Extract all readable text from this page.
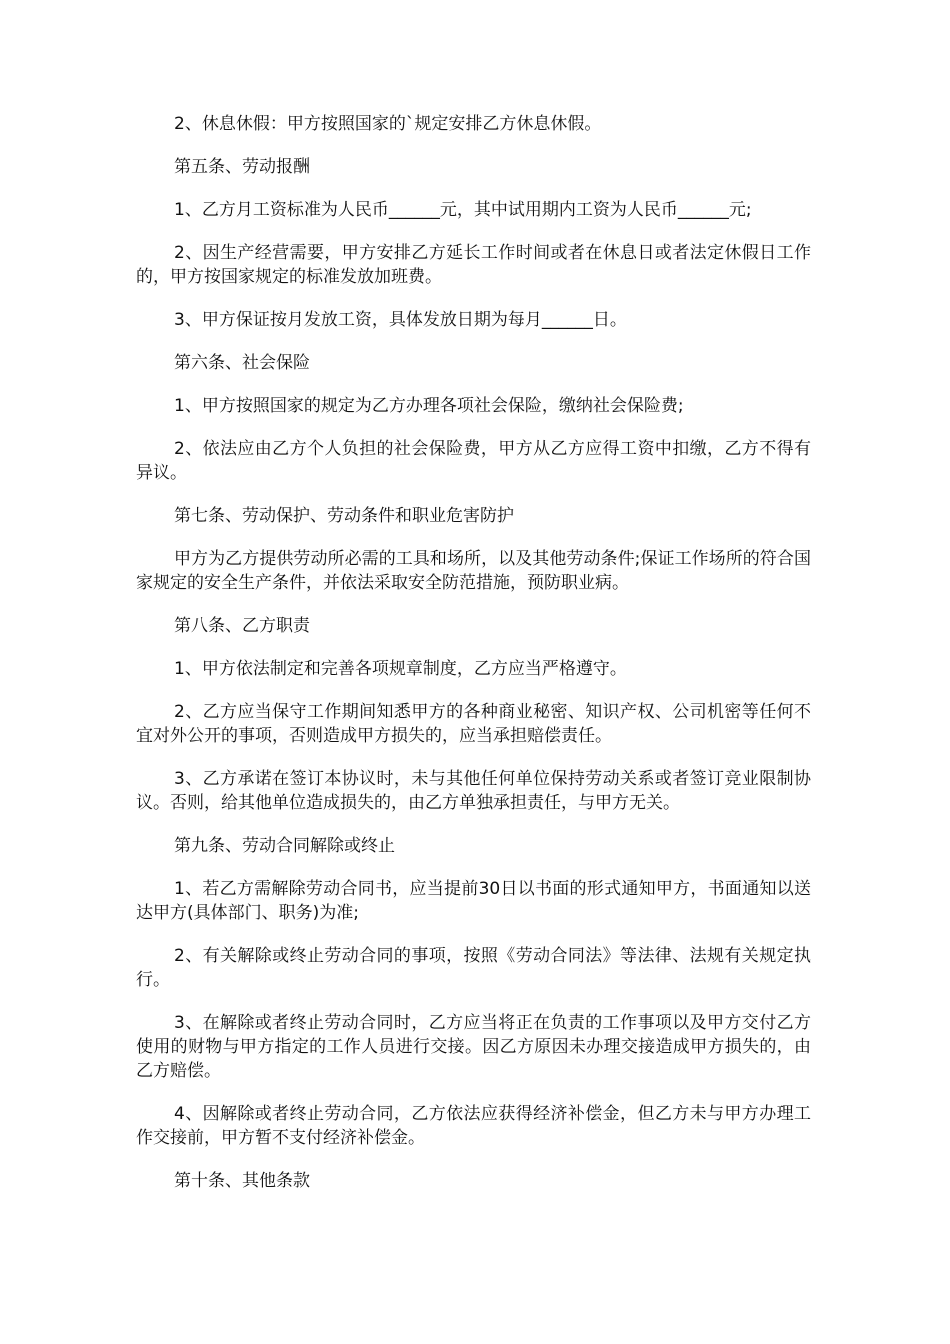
2、休息休假：甲方按照国家的`规定安排乙方休息休假。

第五条、劳动报酬

1、乙方月工资标准为人民币______元，其中试用期内工资为人民币______元;

2、因生产经营需要，甲方安排乙方延长工作时间或者在休息日或者法定休假日工作的，甲方按国家规定的标准发放加班费。

3、甲方保证按月发放工资，具体发放日期为每月______日。

第六条、社会保险

1、甲方按照国家的规定为乙方办理各项社会保险，缴纳社会保险费;

2、依法应由乙方个人负担的社会保险费，甲方从乙方应得工资中扣缴，乙方不得有异议。

第七条、劳动保护、劳动条件和职业危害防护

甲方为乙方提供劳动所必需的工具和场所，以及其他劳动条件;保证工作场所的符合国家规定的安全生产条件，并依法采取安全防范措施，预防职业病。

第八条、乙方职责

1、甲方依法制定和完善各项规章制度，乙方应当严格遵守。

2、乙方应当保守工作期间知悉甲方的各种商业秘密、知识产权、公司机密等任何不宜对外公开的事项，否则造成甲方损失的，应当承担赔偿责任。

3、乙方承诺在签订本协议时，未与其他任何单位保持劳动关系或者签订竞业限制协议。否则，给其他单位造成损失的，由乙方单独承担责任，与甲方无关。

第九条、劳动合同解除或终止

1、若乙方需解除劳动合同书，应当提前30日以书面的形式通知甲方，书面通知以送达甲方(具体部门、职务)为准;

2、有关解除或终止劳动合同的事项，按照《劳动合同法》等法律、法规有关规定执行。

3、在解除或者终止劳动合同时，乙方应当将正在负责的工作事项以及甲方交付乙方使用的财物与甲方指定的工作人员进行交接。因乙方原因未办理交接造成甲方损失的，由乙方赔偿。

4、因解除或者终止劳动合同，乙方依法应获得经济补偿金，但乙方未与甲方办理工作交接前，甲方暂不支付经济补偿金。

第十条、其他条款
